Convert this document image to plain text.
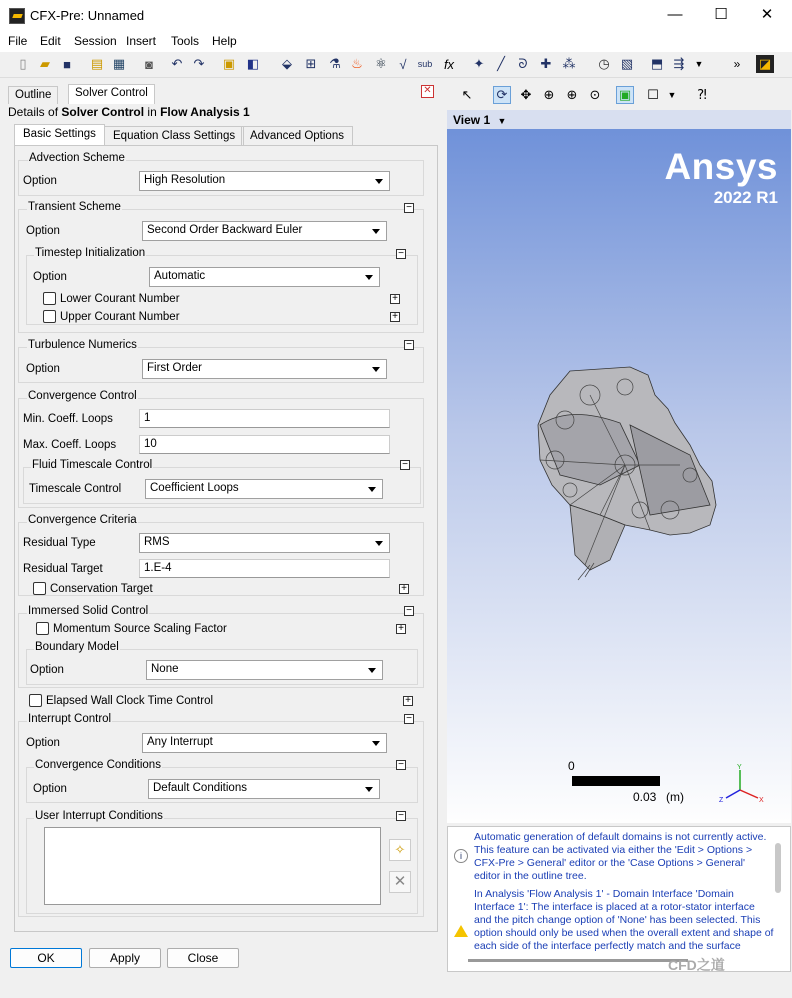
CFX-Pre: Unnamed	—	☐	✕
File Edit Session Insert Tools Help
▯	▰	■	▤ ▦	◙	↶ ↷ ▣ ◧	⬙	⊞ ⚗ ♨ ⚛ √	sub fx	✦ ╱	ᘐ ✚ ⁂ ◷ ▧ ⬒ ⇶	▼	»	◪
Outline	Solver Control	✕
Details of Solver Control in Flow Analysis 1
Basic Settings	Equation Class Settings	Advanced Options
Advection Scheme
Option	High Resolution
Transient Scheme	−
Option	Second Order Backward Euler
Timestep Initialization	−
Option	Automatic
Lower Courant Number	+
Upper Courant Number	+
Turbulence Numerics	−
Option	First Order
Convergence Control
Min. Coeff. Loops	1
Max. Coeff. Loops	10
Fluid Timescale Control	−
Timescale Control	Coefficient Loops
Convergence Criteria
Residual Type	RMS
Residual Target	1.E-4
Conservation Target	+
Immersed Solid Control	−
Momentum Source Scaling Factor	+
Boundary Model
Option	None
Elapsed Wall Clock Time Control	+
Interrupt Control	−
Option	Any Interrupt
Convergence Conditions	−
Option	Default Conditions
User Interrupt Conditions	−
✧
✕
OK	Apply	Close
↖ ⟳ ✥ ⊕ ⊕ ⊙ ▣ ☐ ▼	⁈
View 1 ▼
Ansys
2022 R1
0
0.03 (m)
Y
X
Z
i
Automatic generation of default domains is not currently active. This feature can be activated via either the 'Edit > Options > CFX-Pre > General' editor or the 'Case Options > General' editor in the outline tree.
In Analysis 'Flow Analysis 1' - Domain Interface 'Domain Interface 1': The interface is placed at a rotor-stator interface and the pitch change option of 'None' has been selected. This option should only be used when the overall extent and shape of each side of the interface perfectly match and the surface
CFD之道
